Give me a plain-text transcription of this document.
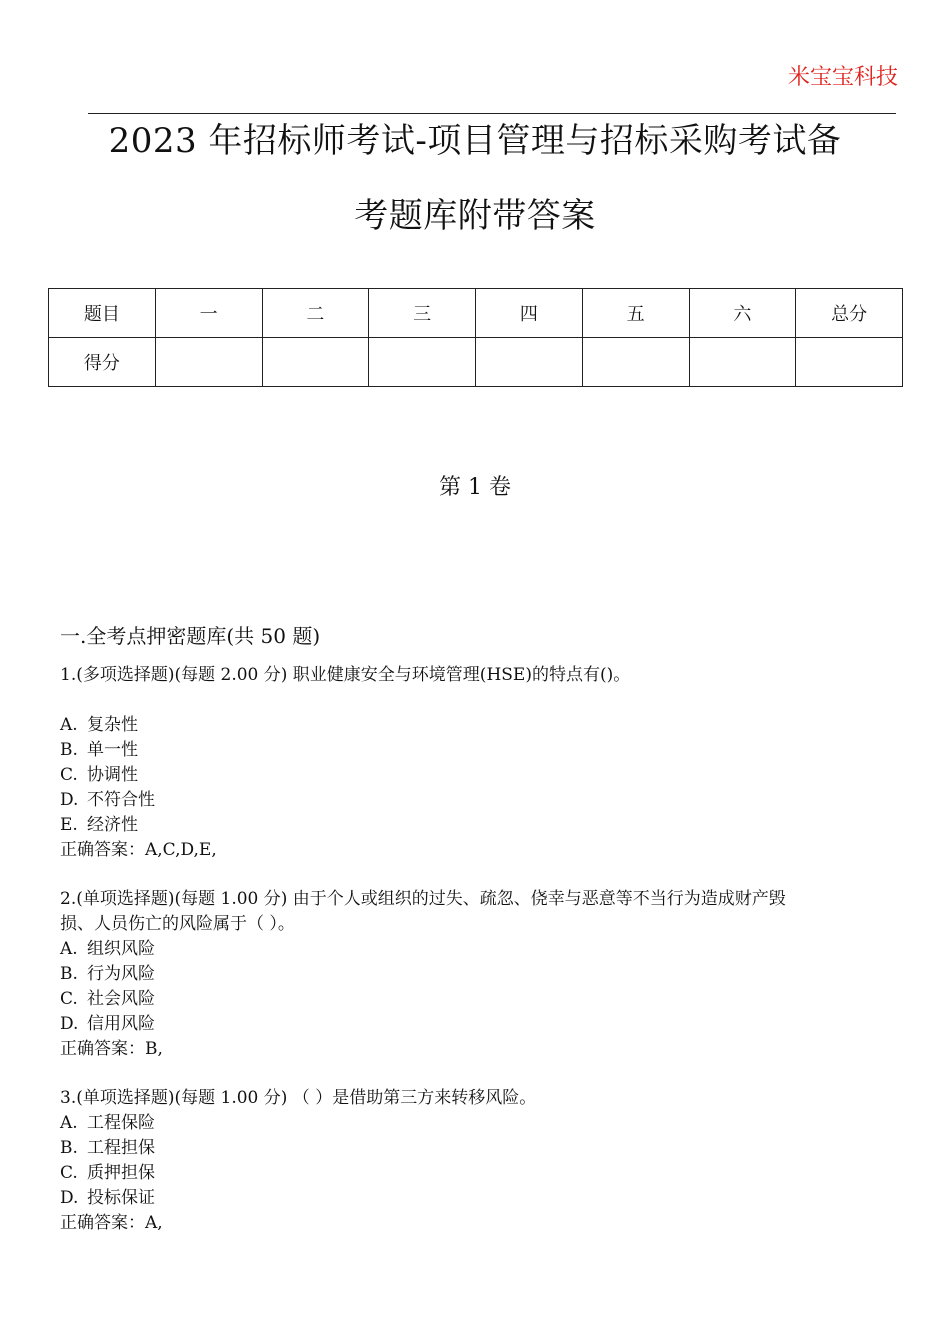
米宝宝科技
2023 年招标师考试-项目管理与招标采购考试备
考题库附带答案
题目	一	二	三	四	五	六	总分
得分							
第 1 卷
一.全考点押密题库(共 50 题)
1.(多项选择题)(每题 2.00 分) 职业健康安全与环境管理(HSE)的特点有()。
A. 复杂性
B. 单一性
C. 协调性
D. 不符合性
E. 经济性
正确答案：A,C,D,E,
2.(单项选择题)(每题 1.00 分) 由于个人或组织的过失、疏忽、侥幸与恶意等不当行为造成财产毁
损、人员伤亡的风险属于（ ）。
A. 组织风险
B. 行为风险
C. 社会风险
D. 信用风险
正确答案：B,
3.(单项选择题)(每题 1.00 分) （ ）是借助第三方来转移风险。
A. 工程保险
B. 工程担保
C. 质押担保
D. 投标保证
正确答案：A,
